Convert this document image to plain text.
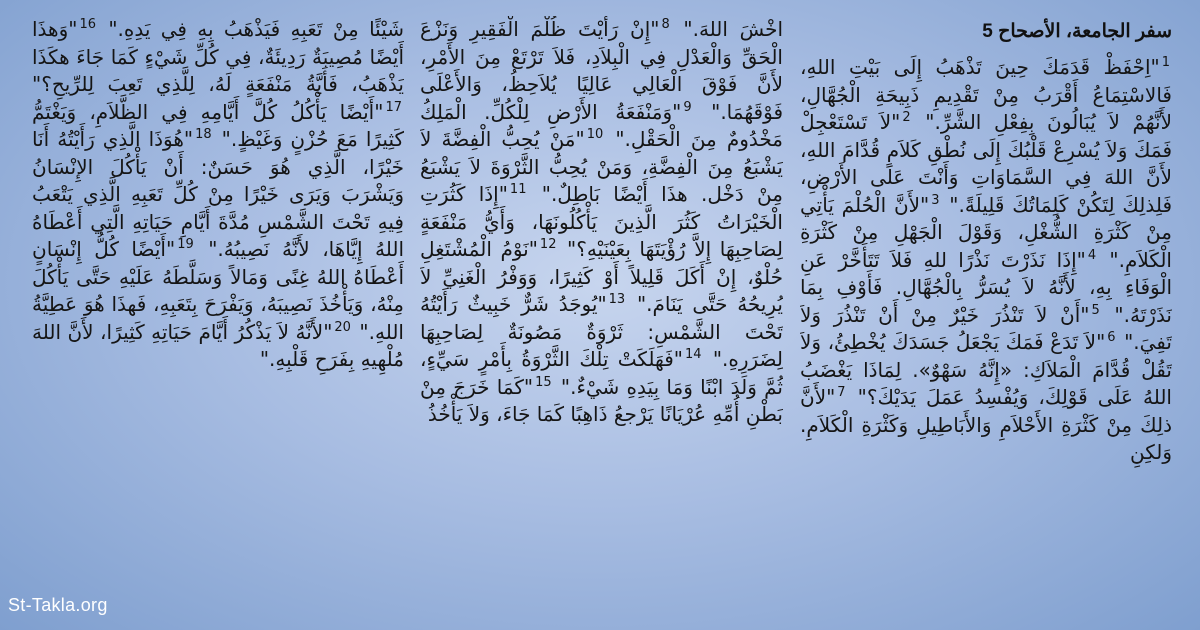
سفر الجامعة، الأصحاح 5
$^1$"اِحْفَظْ قَدَمَكَ حِينَ تَذْهَبُ إِلَى بَيْتِ اللهِ، فَالاسْتِمَاعُ أَقْرَبُ مِنْ تَقْدِيمِ ذَبِيحَةِ الْجُهَّالِ، لأَنَّهُمْ لاَ يُبَالُونَ بِفِعْلِ الشَّرِّ." $^2$"لاَ تَسْتَعْجِلْ فَمَكَ وَلاَ يُسْرِعْ قَلْبُكَ إِلَى نُطْقِ كَلاَمٍ قُدَّامَ اللهِ، لأَنَّ اللهَ فِي السَّمَاوَاتِ وَأَنْتَ عَلَى الأَرْضِ، فَلِذلِكَ لِتَكُنْ كَلِمَاتُكَ قَلِيلَةً." $^3$"لأَنَّ الْحُلْمَ يَأْتِي مِنْ كَثْرَةِ الشُّغْلِ، وَقَوْلَ الْجَهْلِ مِنْ كَثْرَةِ الْكَلاَمِ." $^4$"إِذَا نَذَرْتَ نَذْرًا للهِ فَلاَ تَتَأَخَّرْ عَنِ الْوَفَاءِ بِهِ، لأَنَّهُ لاَ يُسَرُّ بِالْجُهَّالِ. فَأَوْفِ بِمَا نَذَرْتَهُ." $^5$"أَنْ لاَ تَنْذُرَ خَيْرٌ مِنْ أَنْ تَنْذُرَ وَلاَ تَفِيَ." $^6$"لاَ تَدَعْ فَمَكَ يَجْعَلُ جَسَدَكَ يُخْطِئُ، وَلاَ تَقُلْ قُدَّامَ الْمَلاَكِ: «إِنَّهُ سَهْوٌ». لِمَاذَا يَغْضَبُ اللهُ عَلَى قَوْلِكَ، وَيُفْسِدُ عَمَلَ يَدَيْكَ؟" $^7$"لأَنَّ ذلِكَ مِنْ كَثْرَةِ الأَحْلاَمِ وَالأَبَاطِيلِ وَكَثْرَةِ الْكَلاَمِ. وَلكِنِ
اخْشَ اللهَ." $^8$"إِنْ رَأَيْتَ ظُلْمَ الْفَقِيرِ وَنَزْعَ الْحَقِّ وَالْعَدْلِ فِي الْبِلاَدِ، فَلاَ تَرْتَعْ مِنَ الأَمْرِ، لأَنَّ فَوْقَ الْعَالِي عَالِيًا يُلاَحِظُ، وَالأَعْلَى فَوْقَهُمَا." $^9$"وَمَنْفَعَةُ الأَرْضِ لِلْكُلِّ. الْمَلِكُ مَخْدُومٌ مِنَ الْحَقْلِ." $^{10}$"مَنْ يُحِبُّ الْفِضَّةَ لاَ يَشْبَعُ مِنَ الْفِضَّةِ، وَمَنْ يُحِبُّ الثَّرْوَةَ لاَ يَشْبَعُ مِنْ دَخْل. هذَا أَيْضًا بَاطِلٌ." $^{11}$"إِذَا كَثُرَتِ الْخَيْرَاتُ كَثُرَ الَّذِينَ يَأْكُلُونَهَا، وَأَيُّ مَنْفَعَةٍ لِصَاحِبِهَا إِلاَّ رُؤْيَتَهَا بِعَيْنَيْهِ؟" $^{12}$"نَوْمُ الْمُشْتَغِلِ حُلْوٌ، إِنْ أَكَلَ قَلِيلاً أَوْ كَثِيرًا، وَوَفْرُ الْغَنِيِّ لاَ يُرِيحُهُ حَتَّى يَنَامَ." $^{13}$"يُوجَدُ شَرٌّ خَبِيثٌ رَأَيْتُهُ تَحْتَ الشَّمْسِ: ثَرْوَةٌ مَصُونَةٌ لِصَاحِبِهَا لِضَرَرِهِ." $^{14}$"فَهَلَكَتْ تِلْكَ الثَّرْوَةُ بِأَمْرٍ سَيِّءٍ، ثُمَّ وَلَدَ ابْنًا وَمَا بِيَدِهِ شَيْءٌ." $^{15}$"كَمَا خَرَجَ مِنْ بَطْنِ أُمِّهِ عُرْيَانًا يَرْجعُ ذَاهِبًا كَمَا جَاءَ، وَلاَ يَأْخُذُ
شَيْئًا مِنْ تَعَبِهِ فَيَذْهَبُ بِهِ فِي يَدِهِ." $^{16}$"وَهذَا أَيْضًا مُصِيبَةٌ رَدِيئَةٌ، فِي كُلِّ شَيْءٍ كَمَا جَاءَ هكَذَا يَذْهَبُ، فَأَيَّةُ مَنْفَعَةٍ لَهُ، لِلَّذِي تَعِبَ لِلرِّيحِ؟" $^{17}$"أَيْضًا يَأْكُلُ كُلَّ أَيَّامِهِ فِي الظَّلاَمِ، وَيَغْتَمُّ كَثِيرًا مَعَ حُزْنٍ وَغَيْظٍ." $^{18}$"هُوَذَا الَّذِي رَأَيْتُهُ أَنَا خَيْرًا، الَّذِي هُوَ حَسَنٌ: أَنْ يَأْكُلَ الإِنْسَانُ وَيَشْرَبَ وَيَرَى خَيْرًا مِنْ كُلِّ تَعَبِهِ الَّذِي يَتْعَبُ فِيهِ تَحْتَ الشَّمْسِ مُدَّةَ أَيَّامِ حَيَاتِهِ الَّتِي أَعْطَاهُ اللهُ إِيَّاهَا، لأَنَّهُ نَصِيبُهُ." $^{19}$"أَيْضًا كُلُّ إِنْسَانٍ أَعْطَاهُ اللهُ غِنًى وَمَالاً وَسَلَّطَهُ عَلَيْهِ حَتَّى يَأْكُلَ مِنْهُ، وَيَأْخُذَ نَصِيبَهُ، وَيَفْرَحَ بِتَعَبِهِ، فَهذَا هُوَ عَطِيَّةُ اللهِ." $^{20}$"لأَنَّهُ لاَ يَذْكُرُ أَيَّامَ حَيَاتِهِ كَثِيرًا، لأَنَّ اللهَ مُلْهِيهِ بِفَرَحِ قَلْبِهِ."
St-Takla.org
